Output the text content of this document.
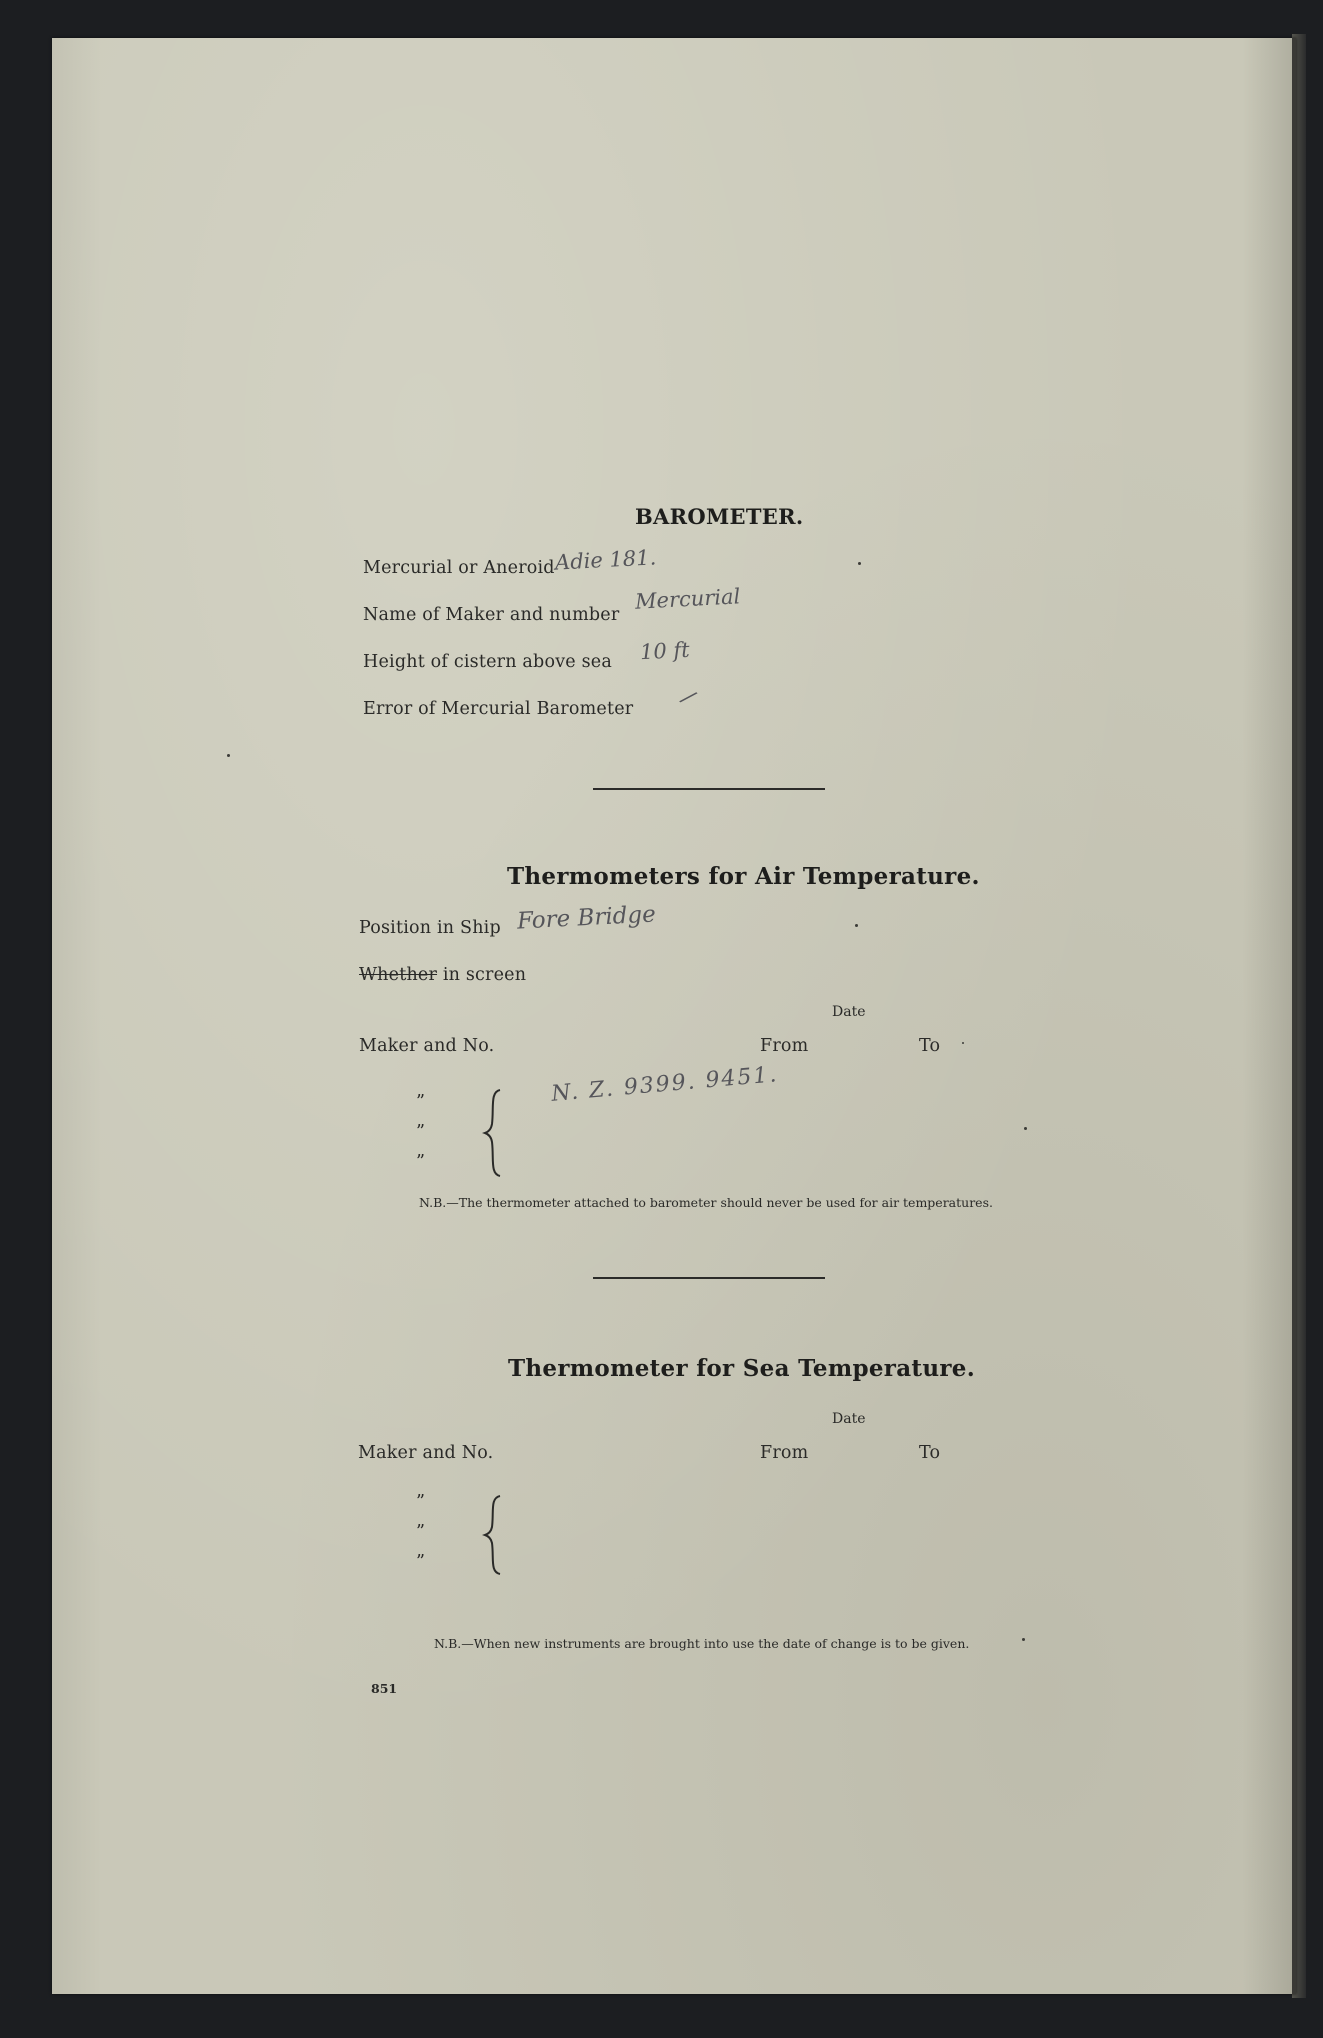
BAROMETER.
Mercurial or Aneroid Adie 181.
Name of Maker and number
Mercurial
Height of cistern above sea 10 ft
Error of Mercurial Barometer
/
Thermometers for Air Temperature.
Position in Ship Fore Bridge
Whether in screen
Date
Maker and No.	From	To
N. Z. 9399. 9451.
”
”
”
N.B.—The thermometer attached to barometer should never be used for air temperatures.
Thermometer for Sea Temperature.
Date
Maker and No.	From	To
”
”
”
N.B.—When new instruments are brought into use the date of change is to be given.
851
